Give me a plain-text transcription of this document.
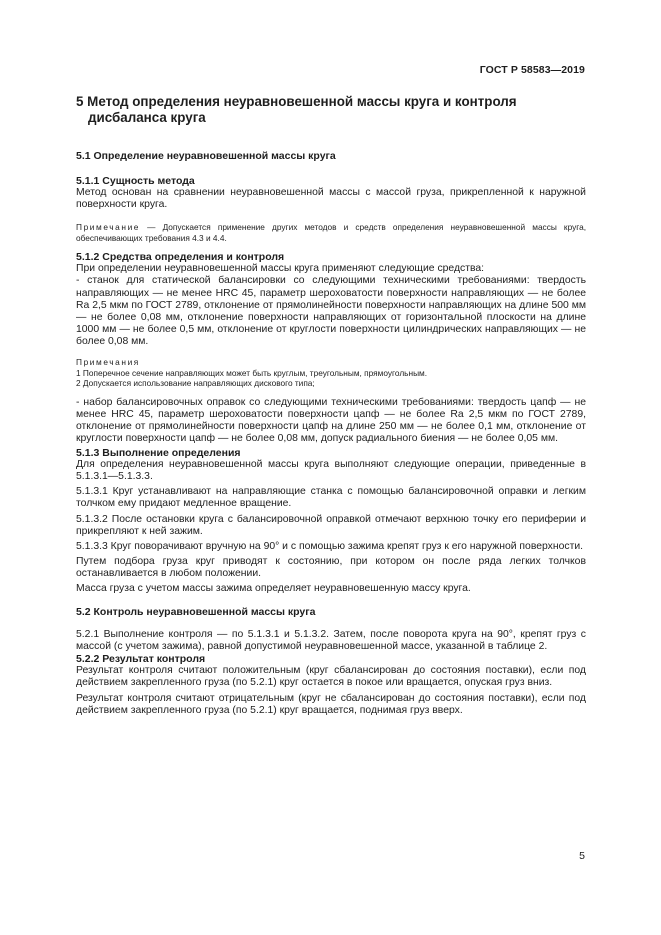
ГОСТ Р 58583—2019
5 Метод определения неуравновешенной массы круга и контроля
дисбаланса круга
5.1 Определение неуравновешенной массы круга
5.1.1 Сущность метода

Метод основан на сравнении неуравновешенной массы с массой груза, прикрепленной к наружной поверхности круга.

Примечание — Допускается применение других методов и средств определения неуравновешенной массы круга, обеспечивающих требования 4.3 и 4.4.

5.1.2 Средства определения и контроля

При определении неуравновешенной массы круга применяют следующие средства:

- станок для статической балансировки со следующими техническими требованиями: твердость направляющих — не менее HRC 45, параметр шероховатости поверхности направляющих — не более Ra 2,5 мкм по ГОСТ 2789, отклонение от прямолинейности поверхности направляющих на длине 500 мм — не более 0,08 мм, отклонение поверхности направляющих от горизонтальной плоскости на длине 1000 мм — не более 0,5 мм, отклонение от круглости поверхности цилиндрических направляющих — не более 0,08 мм.

Примечания

1 Поперечное сечение направляющих может быть круглым, треугольным, прямоугольным.

2 Допускается использование направляющих дискового типа;

- набор балансировочных оправок со следующими техническими требованиями: твердость цапф — не менее HRC 45, параметр шероховатости поверхности цапф — не более Ra 2,5 мкм по ГОСТ 2789, отклонение от прямолинейности поверхности цапф на длине 250 мм — не более 0,1 мм, отклонение от круглости поверхности цапф — не более 0,08 мм, допуск радиального биения — не более 0,05 мм.

5.1.3 Выполнение определения

Для определения неуравновешенной массы круга выполняют следующие операции, приведенные в 5.1.3.1—5.1.3.3.

5.1.3.1 Круг устанавливают на направляющие станка с помощью балансировочной оправки и легким толчком ему придают медленное вращение.

5.1.3.2 После остановки круга с балансировочной оправкой отмечают верхнюю точку его периферии и прикрепляют к ней зажим.

5.1.3.3 Круг поворачивают вручную на 90° и с помощью зажима крепят груз к его наружной поверхности.

Путем подбора груза круг приводят к состоянию, при котором он после ряда легких толчков останавливается в любом положении.

Масса груза с учетом массы зажима определяет неуравновешенную массу круга.

5.2 Контроль неуравновешенной массы круга

5.2.1 Выполнение контроля — по 5.1.3.1 и 5.1.3.2. Затем, после поворота круга на 90°, крепят груз с массой (с учетом зажима), равной допустимой неуравновешенной массе, указанной в таблице 2.

5.2.2 Результат контроля

Результат контроля считают положительным (круг сбалансирован до состояния поставки), если под действием закрепленного груза (по 5.2.1) круг остается в покое или вращается, опуская груз вниз.

Результат контроля считают отрицательным (круг не сбалансирован до состояния поставки), если под действием закрепленного груза (по 5.2.1) круг вращается, поднимая груз вверх.

5
